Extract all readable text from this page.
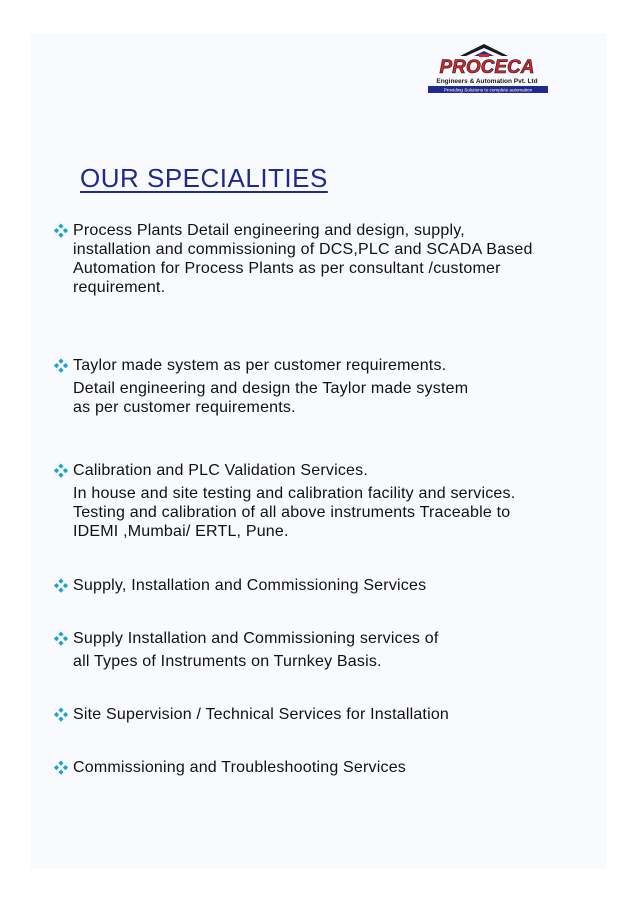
PROCECA
Engineers & Automation Pvt. Ltd
Providing Solutions to complete automation
OUR SPECIALITIES
Process Plants Detail engineering and design, supply,
installation and commissioning of DCS,PLC and SCADA Based
Automation for Process Plants as per consultant /customer
requirement.
Taylor made system as per customer requirements.
Detail engineering and design the Taylor made system
as per customer requirements.
Calibration and PLC Validation Services.
In house and site testing and calibration facility and services.
Testing and calibration of all above instruments Traceable to
IDEMI ,Mumbai/ ERTL, Pune.
Supply, Installation and Commissioning Services
Supply Installation and Commissioning services of
all Types of Instruments on Turnkey Basis.
Site Supervision / Technical Services for Installation
Commissioning and Troubleshooting Services
